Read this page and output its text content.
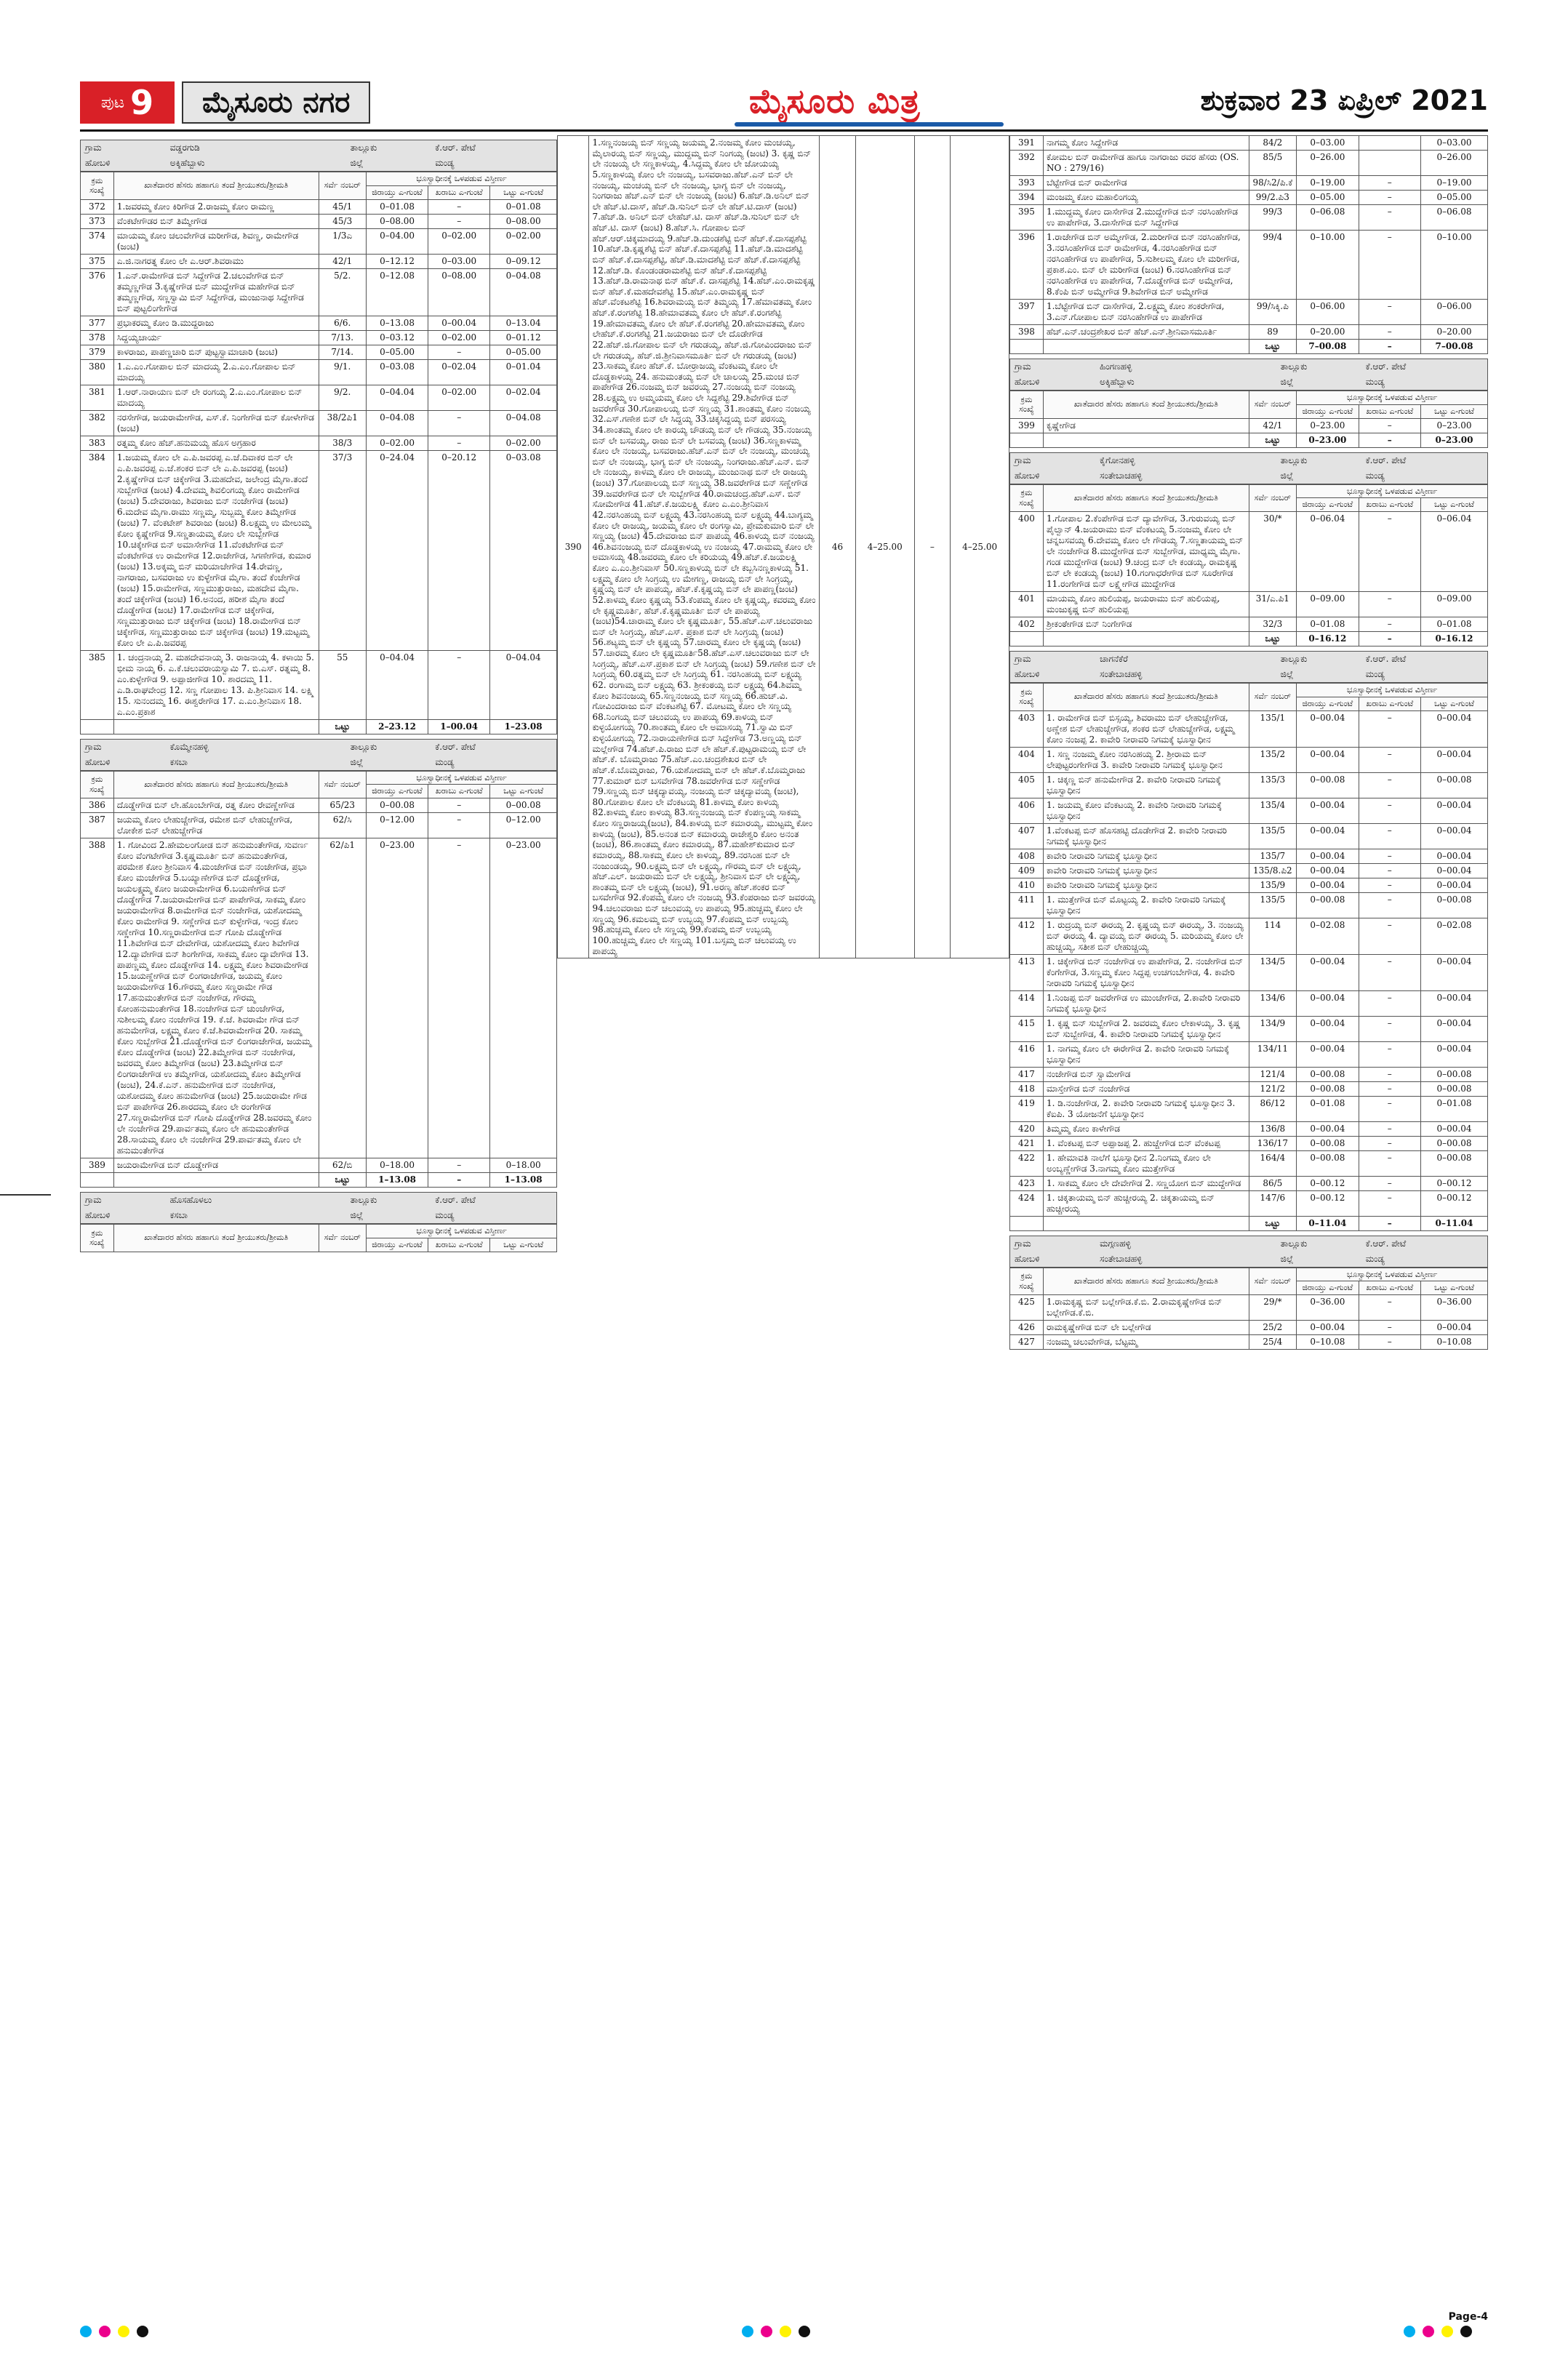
ಪುಟ 9	ಮೈಸೂರು ನಗರ	ಮೈಸೂರು ಮಿತ್ರ	ಶುಕ್ರವಾರ 23 ಏಪ್ರಿಲ್ 2021
ಗ್ರಾಮ	ವಡ್ಡರಗುಡಿ	ತಾಲ್ಲೂಕು	ಕೆ.ಆರ್. ಪೇಟೆ
ಹೋಬಳಿ	ಅಕ್ಕಿಹೆಬ್ಬಾಳು	ಜಿಲ್ಲೆ	ಮಂಡ್ಯ
ಕ್ರಮ ಸಂಖ್ಯೆ	ಖಾತೆದಾರರ ಹೆಸರು ಹಹಾಗೂ ತಂದೆ ಶ್ರೀಯುತರು/ಶ್ರೀಮತಿ	ಸರ್ವೆ ನಂಬರ್	ಭೂಸ್ವಾಧೀನಕ್ಕೆ ಒಳಪಡುವ ವಿಸ್ತೀರ್ಣ		
			ಜಿರಾಯ್ತು ಎ-ಗುಂಟೆ	ಖರಾಬು ಎ-ಗುಂಟೆ	ಒಟ್ಟು ಎ-ಗುಂಟೆ
372	1.ಜವರಮ್ಮ ಕೋಂ ಕಿರಿಗೌಡ 2.ರಾಜಮ್ಮ ಕೋಂ ರಾಮಣ್ಣ	45/1	0–01.08	–	0–01.08
373	ವೆಂಕಟೇಗೌಡರ ಬಿನ್ ತಿಮ್ಮೇಗೌಡ	45/3	0–08.00	–	0–08.00
374	ಮಾಯಮ್ಮ ಕೋಂ ಚಲುವೇಗೌಡ ಮರೀಗೌಡ, ಶಿವಣ್ಣ, ರಾಮೇಗೌಡ (ಜಂಟಿ)	1/3ಎ	0–04.00	0–02.00	0–02.00
375	ಎ.ಜಿ.ನಾಗರತ್ನ ಕೋಂ ಲೇ ಎ.ಆರ್.ಶಿವರಾಮು	42/1	0–12.12	0–03.00	0–09.12
376	1.ಎನ್.ರಾಮೇಗೌಡ ಬಿನ್ ಸಿದ್ದೇಗೌಡ 2.ಚಲುವೇಗೌಡ ಬಿನ್ ತಮ್ಮಣ್ಣಗೌಡ 3.ಕೃಷ್ಣೇಗೌಡ ಬಿನ್ ಮುದ್ದೇಗೌಡ ಮಹೇಗೌಡ ಬಿನ್ ತಮ್ಮಣ್ಣಗೌಡ, ಸಣ್ಣಸ್ವಾಮಿ ಬಿನ್ ಸಿದ್ದೇಗೌಡ, ಮಂಜುನಾಥ ಸಿದ್ದೇಗೌಡ ಬಿನ್ ಪುಟ್ಟಲಿಂಗೇಗೌಡ	5/2.	0–12.08	0–08.00	0–04.08
377	ಪ್ರಭಾಕರಮ್ಮ ಕೋಂ ಡಿ.ಮುದ್ದರಾಜು	6/6.	0–13.08	0–00.04	0–13.04
378	ಸಿದ್ದಯ್ಯಚಾರ್ಯ	7/13.	0–03.12	0–02.00	0–01.12
379	ಕಾಳರಾಜು, ಪಾಪಣ್ಣಚಾರಿ ಬಿನ್ ಪುಟ್ಟಸ್ವಾಮಾಚಾರಿ (ಜಂಟಿ)	7/14.	0–05.00	–	0–05.00
380	1.ಎ.ಎಂ.ಗೋಪಾಲ ಬಿನ್ ಮಾದಯ್ಯ 2.ಎ.ಎಂ.ಗೋಪಾಲ ಬಿನ್ ಮಾದಯ್ಯ	9/1.	0–03.08	0–02.04	0–01.04
381	1.ಆರ್.ನಾರಾಯಣ ಬಿನ್ ಲೇ ರಂಗಯ್ಯ 2.ಎ.ಎಂ.ಗೋಪಾಲ ಬಿನ್ ಮಾದಯ್ಯ	9/2.	0–04.04	0–02.00	0–02.04
382	ನರಸೇಗೌಡ, ಜಯರಾಮೇಗೌಡ, ಎಸ್.ಕೆ. ನಿಂಗೇಗೌಡ ಬಿನ್ ಕೋಳೇಗೌಡ (ಜಂಟಿ)	38/2ಪಿ1	0–04.08	–	0–04.08
383	ರತ್ನಮ್ಮ ಕೋಂ ಹೆಚ್.ಹನುಮಯ್ಯ ಹೊಸ ಅಗ್ರಹಾರ	38/3	0–02.00	–	0–02.00
384	1.ಜಯಮ್ಮ ಕೋಂ ಲೇ ಎ.ಪಿ.ಜವರಪ್ಪ ಎ.ಜೆ.ದಿವಾಕರ ಬಿನ್ ಲೇ ಎ.ಪಿ.ಜವರಪ್ಪ ಎ.ಜೆ.ಶಂಕರ ಬಿನ್ ಲೇ ಎ.ಪಿ.ಜವರಪ್ಪ (ಜಂಟಿ) 2.ಕೃಷ್ಣೇಗೌಡ ಬಿನ್ ಚಿಕ್ಕೇಗೌಡ 3.ಮಹದೇವ, ಜಲೇಂದ್ರ ಮೈಗಾ.ತಂದೆ ಸುಬ್ಬೇಗೌಡ (ಜಂಟಿ) 4.ದೇವಮ್ಮ ಶಿವಲಿಂಗಯ್ಯ ಕೋಂ ರಾಮೇಗೌಡ (ಜಂಟಿ) 5.ದೇವರಾಜು, ಶಿವರಾಜು ಬಿನ್ ನಂಜೇಗೌಡ (ಜಂಟಿ) 6.ಮದೇವ ಮೈಗಾ.ರಾಮು ಸಣ್ಣಮ್ಮ, ಸುಬ್ಬಮ್ಮ ಕೋಂ ತಿಮ್ಮೇಗೌಡ (ಜಂಟಿ) 7. ವೆಂಕಟೇಶ್ ಶಿವರಾಜು (ಜಂಟಿ) 8.ಲಕ್ಷ್ಮಮ್ಮ ಉ ಮೇಲುಮ್ಮ ಕೋಂ ಕೃಷ್ಣೇಗೌಡ 9.ಸಣ್ಣತಾಯಮ್ಮ ಕೋಂ ಲೇ ಸುಬ್ಬೇಗೌಡ 10.ಚಿಕ್ಕೇಗೌಡ ಬಿನ್ ಅಮಾಸೇಗೌಡ 11.ವೆಂಕಟೇಗೌಡ ಬಿನ್ ವೆಂಕಟೇಗೌಡ ಉ ರಾಮೇಗೌಡ 12.ರಾಜೇಗೌಡ, ಸಿಗಣೇಗೌಡ, ಕುಮಾರ (ಜಂಟಿ) 13.ಅಕ್ಕಮ್ಮ ಬಿನ್ ಮರಿಯಾಚೇಗೌಡ 14.ರೇವಣ್ಣ, ನಾಗರಾಜು, ಬಸವರಾಜು ಉ ಕುಳ್ಳೇಗೌಡ ಮೈಗಾ. ತಂದೆ ಕೆಂಚೇಗೌಡ (ಜಂಟಿ) 15.ರಾಮೇಗೌಡ, ಸಣ್ಣಮುತ್ತುರಾಜು, ಮಹದೇವ ಮೈಗಾ. ತಂದೆ ಚಿಕ್ಕೇಗೌಡ (ಜಂಟಿ) 16.ಅನಂದ, ಹರೀಶ ಮೈಗಾ ತಂದೆ ದೊಡ್ಡೇಗೌಡ (ಜಂಟಿ) 17.ರಾಮೇಗೌಡ ಬಿನ್ ಚಿಕ್ಕೇಗೌಡ, ಸಣ್ಣಮುತ್ತುರಾಜು ಬಿನ್ ಚಿಕ್ಕೇಗೌಡ (ಜಂಟಿ) 18.ರಾಮೇಗೌಡ ಬಿನ್ ಚಿಕ್ಕೇಗೌಡ, ಸಣ್ಣಮುತ್ತುರಾಜು ಬಿನ್ ಚಿಕ್ಕೇಗೌಡ (ಜಂಟಿ) 19.ಮಟ್ಟಮ್ಮ ಕೋಂ ಲೇ ಎ.ಪಿ.ಜವರಪ್ಪ	37/3	0–24.04	0–20.12	0–03.08
385	1. ಚಂದ್ರನಾಯ್ಕ 2. ಮಹದೇವನಾಯ್ಕ 3. ರಾಜನಾಯ್ಕ 4. ಕಳಾಯಿ 5. ಭೀಮ ನಾಯ್ಕ 6. ಎ.ಕೆ.ಚಲುವರಾಯಸ್ವಾಮಿ 7. ಬಿ.ಎಸ್. ರತ್ನಮ್ಮ 8. ಎಂ.ಕುಳ್ಳೇಗೌಡ 9. ಅಪ್ಪಾಜೀಗೌಡ 10. ಶಾರದಮ್ಮ 11. ಎ.ಡಿ.ರಾಘವೇಂದ್ರ 12. ಸಣ್ಣ ಗೋಪಾಲ 13. ಪಿ.ಶ್ರೀನಿವಾಸ 14. ಲಕ್ಷ್ಮಿ 15. ಸುನಂದಮ್ಮ 16. ಈಶ್ವರೇಗೌಡ 17. ಎ.ಎಂ.ಶ್ರೀನಿವಾಸ 18. ಎ.ಎಂ.ಪ್ರಕಾಶ	55	0–04.04	–	0–04.04
		ಒಟ್ಟು	2–23.12	1–00.04	1–23.08
ಗ್ರಾಮ	ಕೊಮ್ಮೇನಹಳ್ಳಿ	ತಾಲ್ಲೂಕು	ಕೆ.ಆರ್. ಪೇಟೆ
ಹೋಬಳಿ	ಕಸಬಾ	ಜಿಲ್ಲೆ	ಮಂಡ್ಯ
ಕ್ರಮ ಸಂಖ್ಯೆ	ಖಾತೆದಾರರ ಹೆಸರು ಹಹಾಗೂ ತಂದೆ ಶ್ರೀಯುತರು/ಶ್ರೀಮತಿ	ಸರ್ವೆ ನಂಬರ್	ಭೂಸ್ವಾಧೀನಕ್ಕೆ ಒಳಪಡುವ ವಿಸ್ತೀರ್ಣ		
			ಜಿರಾಯ್ತು ಎ-ಗುಂಟೆ	ಖರಾಬು ಎ-ಗುಂಟೆ	ಒಟ್ಟು ಎ-ಗುಂಟೆ
386	ದೊಡ್ಡೇಗೌಡ ಬಿನ್ ಲೇ.ಹೊಂಬೇಗೌಡ, ರತ್ನ ಕೋಂ ರೇವಣ್ಣೇಗೌಡ	65/23	0–00.08	–	0–00.08
387	ಜಯಮ್ಮ ಕೋಂ ಲೇಹುಚ್ಚೇಗೌಡ, ರಮೇಶ ಬಿನ್ ಲೇಹುಚ್ಚೇಗೌಡ, ಲೋಕೇಶ ಬಿನ್ ಲೇಹುಚ್ಚೇಗೌಡ	62/ಸಿ	0–12.00	–	0–12.00
388	1. ಗೋವಿಂದ 2.ಹೇಮಲಂಗೋಡ ಬಿನ್ ಹನುಮಂತೇಗೌಡ, ಸುವರ್ಣ ಕೋಂ ವೆಂಗಟೇಗೌಡ 3.ಕೃಷ್ಣಮೂರ್ತಿ ಬಿನ್ ಹನುಮಂತೇಗೌಡ, ಪರಮೇಶ ಕೋಂ ಶ್ರೀನಿವಾಸ 4.ಮಂಜೇಗೌಡ ಬಿನ್ ನಂಜೇಗೌಡ, ಪ್ರಭಾ ಕೋಂ ಮಂಜೇಗೌಡ 5.ಬಯ್ಯಾಣೇಗೌಡ ಬಿನ್ ದೊಡ್ಡೇಗೌಡ, ಜಯಲಕ್ಷ್ಮಮ್ಮ ಕೋಂ ಜಯರಾಮೇಗೌಡ 6.ಬಯಣೇಗೌಡ ಬಿನ್ ದೊಡ್ಡೇಗೌಡ 7.ಜಯರಾಮೇಗೌಡ ಬಿನ್ ಪಾಪೇಗೌಡ, ಸಾಕಮ್ಮ ಕೋಂ ಜಯರಾಮೇಗೌಡ 8.ರಾಮೇಗೌಡ ಬಿನ್ ನಂಜೇಗೌಡ, ಯಶೋದಮ್ಮ ಕೋಂ ರಾಮೇಗೌಡ 9. ಸಣ್ಣೇಗೌಡ ಬಿನ್ ಕುಳ್ಳೇಗೌಡ, ಇಂದ್ರ ಕೋಂ ಸಣ್ಣೇಗೌಡ 10.ಸಣ್ಣರಾಮೇಗೌಡ ಬಿನ್ ಗೋಪಿ ದೊಡ್ಡೇಗೌಡ 11.ಶಿವೇಗೌಡ ಬಿನ್ ದೇವೇಗೌಡ, ಯಶೋದಮ್ಮ ಕೋಂ ಶಿವೇಗೌಡ 12.ದ್ಯಾವೇಗೌಡ ಬಿನ್ ಶಿಂಗೇಗೌಡ, ಸಾಕಮ್ಮ ಕೋಂ ದ್ಯಾವೇಗೌಡ 13. ಪಾಪಣ್ಣಮ್ಮ ಕೋಂ ದೊಡ್ಡೇಗೌಡ 14. ಲಕ್ಷ್ಮಮ್ಮ ಕೋಂ ಶಿವರಾಮೇಗೌಡ 15.ಜಯಣ್ಣೇಗೌಡ ಬಿನ್ ಲಿಂಗರಾಜೇಗೌಡ, ಜಯಮ್ಮ ಕೋಂ ಜಯರಾಮೇಗೌಡ 16.ಗೌರಮ್ಮ ಕೋಂ ಸಣ್ಣರಾಮೇ ಗೌಡ 17.ಹನುಮಂತೇಗೌಡ ಬಿನ್ ನಂಜೇಗೌಡ, ಗೌರಮ್ಮ ಕೋಂಹನುಮಂತೇಗೌಡ 18.ನಂಜೇಗೌಡ ಬಿನ್ ಚುಂಚೇಗೌಡ, ಸುಶೀಲಮ್ಮ ಕೋಂ ನಂಜೇಗೌಡ 19. ಕೆ.ಜೆ. ಶಿವರಾಮೇ ಗೌಡ ಬಿನ್ ಹನುಮೇಗೌಡ, ಲಕ್ಷ್ಮಮ್ಮ ಕೋಂ ಕೆ.ಜೆ.ಶಿವರಾಮೇಗೌಡ 20. ಸಾಕಮ್ಮ ಕೋಂ ಸುಬ್ಬೇಗೌಡ 21.ದೊಡ್ಡೇಗೌಡ ಬಿನ್ ಲಿಂಗರಾಜೇಗೌಡ, ಜಯಮ್ಮ ಕೋಂ ದೊಡ್ಡೇಗೌಡ (ಜಂಟಿ) 22.ತಿಮ್ಮೇಗೌಡ ಬಿನ್ ನಂಜೇಗೌಡ, ಜವರಮ್ಮ ಕೋಂ ತಿಮ್ಮೇಗೌಡ (ಜಂಟಿ) 23.ತಿಮ್ಮೇಗೌಡ ಬಿನ್ ಲಿಂಗರಾಜೇಗೌಡ ಉ ತಮ್ಮೇಗೌಡ, ಯಶೋದಮ್ಮ ಕೋಂ ತಿಮ್ಮೇಗೌಡ (ಜಂಟಿ), 24.ಕೆ.ಎನ್. ಹನುಮೇಗೌಡ ಬಿನ್ ನಂಜೇಗೌಡ, ಯಶೋದಮ್ಮ ಕೋಂ ಹನುಮೇಗೌಡ (ಜಂಟಿ) 25.ಜಯರಾಮೇ ಗೌಡ ಬಿನ್ ಪಾಪೇಗೌಡ 26.ಶಾರದಮ್ಮ ಕೋಂ ಲೇ ರಂಗೇಗೌಡ 27.ಸಣ್ಣರಾಮೇಗೌಡ ಬಿನ್ ಗೋಪಿ ದೊಡ್ಡೇಗೌಡ 28.ಜವರಮ್ಮ ಕೋಂ ಲೇ ನಂಜೇಗೌಡ 29.ಪಾರ್ವತಮ್ಮ ಕೋಂ ಲೇ ಹನುಮಂತೇಗೌಡ 28.ಸಾಯಮ್ಮ ಕೋಂ ಲೇ ನಂಜೇಗೌಡ 29.ಪಾರ್ವತಮ್ಮ ಕೋಂ ಲೇ ಹನುಮಂತೇಗೌಡ	62/ಪಿ1	0–23.00	–	0–23.00
389	ಜಯರಾಮೇಗೌಡ ಬಿನ್ ದೊಡ್ಡೇಗೌಡ	62/ಬಿ	0–18.00	–	0–18.00
		ಒಟ್ಟು	1–13.08	–	1–13.08
ಗ್ರಾಮ	ಹೊಸಹೊಳಲು	ತಾಲ್ಲೂಕು	ಕೆ.ಆರ್. ಪೇಟೆ
ಹೋಬಳಿ	ಕಸಬಾ	ಜಿಲ್ಲೆ	ಮಂಡ್ಯ
ಕ್ರಮ ಸಂಖ್ಯೆ	ಖಾತೆದಾರರ ಹೆಸರು ಹಹಾಗೂ ತಂದೆ ಶ್ರೀಯುತರು/ಶ್ರೀಮತಿ	ಸರ್ವೆ ನಂಬರ್	ಭೂಸ್ವಾಧೀನಕ್ಕೆ ಒಳಪಡುವ ವಿಸ್ತೀರ್ಣ		
			ಜಿರಾಯ್ತು ಎ-ಗುಂಟೆ	ಖರಾಬು ಎ-ಗುಂಟೆ	ಒಟ್ಟು ಎ-ಗುಂಟೆ
390	1.ಸಣ್ಣನಂಜಯ್ಯ ಬಿನ್ ಸಣ್ಣಯ್ಯ ಜಯಮ್ಮ 2.ನಂಜಮ್ಮ ಕೋಂ ಮಂಚಯ್ಯ, ಮೈಲಾರಯ್ಯ ಬಿನ್ ಸಣ್ಣಯ್ಯ, ಮುದ್ದಮ್ಮ ಬಿನ್ ನಿಂಗಯ್ಯ (ಜಂಟಿ) 3. ಕೃಷ್ಣ ಬಿನ್ ಲೇ ನಂಜಯ್ಯ ಲೇ ಸಣ್ಣಕಾಳಯ್ಯ, 4.ಸಿದ್ದಮ್ಮ ಕೋಂ ಲೇ ಜೋಯಯ್ಯ 5.ಸಣ್ಣಕಾಳಯ್ಯ ಕೋಂ ಲೇ ನಂಜಯ್ಯ, ಬಸವರಾಜು.ಹೆಚ್.ಎನ್ ಬಿನ್ ಲೇ ನಂಜಯ್ಯ, ಮಂಚಯ್ಯ ಬಿನ್ ಲೇ ನಂಜಯ್ಯ, ಭಾಗ್ಯ ಬಿನ್ ಲೇ ನಂಜಯ್ಯ, ನಿಂಗರಾಜು ಹೆಚ್.ಎನ್ ಬಿನ್ ಲೇ ನಂಜಯ್ಯ (ಜಂಟಿ) 6.ಹೆಚ್.ಡಿ.ಅನಿಲ್ ಬಿನ್ ಲೇ ಹೆಚ್.ಟಿ.ದಾಸ್, ಹೆಚ್.ಡಿ.ಸುನಿಲ್ ಬಿನ್ ಲೇ ಹೆಚ್.ಟಿ.ದಾಸ್ (ಜಂಟಿ) 7.ಹೆಚ್.ಡಿ. ಅನಿಲ್ ಬಿನ್ ಲೇಹೆಚ್.ಟಿ. ದಾಸ್ ಹೆಚ್.ಡಿ.ಸುನಿಲ್ ಬಿನ್ ಲೇ ಹೆಚ್.ಟಿ. ದಾಸ್ (ಜಂಟಿ) 8.ಹೆಚ್.ಸಿ. ಗೋಪಾಲ ಬಿನ್ ಹೆಚ್.ಆರ್.ಚಿಕ್ಕಮಾದಯ್ಯ 9.ಹೆಚ್.ಡಿ.ದುಂಡಶೆಟ್ಟಿ ಬಿನ್ ಹೆಚ್.ಕೆ.ದಾಸಪ್ಪಶೆಟ್ಟಿ 10.ಹೆಚ್.ಡಿ.ಕೃಷ್ಣಶೆಟ್ಟಿ ಬಿನ್ ಹೆಚ್.ಕೆ.ದಾಸಪ್ಪಶೆಟ್ಟಿ 11.ಹೆಚ್.ಡಿ.ಮಾದಶೆಟ್ಟಿ ಬಿನ್ ಹೆಚ್.ಕೆ.ದಾಸಪ್ಪಶೆಟ್ಟಿ, ಹೆಚ್.ಡಿ.ಮಾದಶೆಟ್ಟಿ ಬಿನ್ ಹೆಚ್.ಕೆ.ದಾಸಪ್ಪಶೆಟ್ಟಿ 12.ಹೆಚ್.ಡಿ. ಕೊಂಡಂಡರಾಮಶೆಟ್ಟಿ ಬಿನ್ ಹೆಚ್.ಕೆ.ದಾಸಪ್ಪಶೆಟ್ಟಿ 13.ಹೆಚ್.ಡಿ.ರಾಮನಾಥ ಬಿನ್ ಹೆಚ್.ಕೆ. ದಾಸಪ್ಪಶೆಟ್ಟಿ 14.ಹೆಚ್.ಎಂ.ರಾಮಕೃಷ್ಣ ಬಿನ್ ಹೆಚ್.ಕೆ.ಮಹದೇವಶೆಟ್ಟಿ 15.ಹೆಚ್.ಎಂ.ರಾಮಕೃಷ್ಣ ಬಿನ್ ಹೆಚ್.ವೆಂಕಟಶೆಟ್ಟಿ 16.ಶಿವರಾಮಯ್ಯ ಬಿನ್ ತಿಮ್ಮಯ್ಯ 17.ಹೆಮಾವತಮ್ಮ ಕೋಂ ಹೆಚ್.ಕೆ.ರಂಗಶೆಟ್ಟಿ 18.ಹೇಮಾವತಮ್ಮ ಕೋಂ ಲೇ ಹೆಚ್.ಕೆ.ರಂಗಶೆಟ್ಟಿ 19.ಹೇಮಾವತಮ್ಮ ಕೋಂ ಲೇ ಹೆಚ್.ಕೆ.ರಂಗಶೆಟ್ಟಿ 20.ಹೇಮಾವತಮ್ಮ ಕೋಂ ಲೇಹೆಚ್.ಕೆ.ರಂಗಶೆಟ್ಟಿ 21.ಜಯರಾಜು ಬಿನ್ ಲೇ ದೊಡೇಗೌಡ 22.ಹೆಚ್.ಜಿ.ಗೋಪಾಲ ಬಿನ್ ಲೇ ಗರುಡಯ್ಯ, ಹೆಚ್.ಜಿ.ಗೋವಿಂದರಾಜು ಬಿನ್ ಲೇ ಗರುಡಯ್ಯ, ಹೆಚ್.ಜಿ.ಶ್ರೀನಿವಾಸಮೂರ್ತಿ ಬಿನ್ ಲೇ ಗರುಡಯ್ಯ (ಜಂಟಿ) 23.ಸಾಕಮ್ಮ ಕೋಂ ಹೆಚ್.ಕೆ. ಬೋರ್ರಾಜಯ್ಯ ವೆಂಕಟಮ್ಮ ಕೋಂ ಲೇ ದೊಡ್ಡಕಾಳಯ್ಯ 24. ಹನುಮಂತಯ್ಯ ಬಿನ್ ಲೇ ಚಾಲಯ್ಯ 25.ಮಂಚ ಬಿನ್ ಪಾಪೇಗೌಡ 26.ನಂಜಮ್ಮ ಬಿನ್ ಜವರಯ್ಯ 27.ನಂಜಯ್ಯ ಬಿನ್ ನಂಜಯ್ಯ 28.ಲಕ್ಷ್ಮಮ್ಮ ಉ ಅಮ್ಮಯಮ್ಮ ಕೋಂ ಲೇ ಸಿದ್ದಶೆಟ್ಟಿ 29.ಶಿವೇಗೌಡ ಬಿನ್ ಜವರೇಗೌಡ 30.ಗೋಪಾಲಯ್ಯ ಬಿನ್ ಸಣ್ಣಯ್ಯ 31.ಶಾಂತಮ್ಮ ಕೋಂ ನಂಜಯ್ಯ 32.ಎಸ್.ಗಣೇಶ ಬಿನ್ ಲೇ ಸಿದ್ದಯ್ಯ 33.ಚಿಕ್ಕಸಿದ್ದಯ್ಯ ಬಿನ್ ಪರಸಯ್ಯ 34.ಶಾಂತಮ್ಮ ಕೋಂ ಲೇ ಕಾರಯ್ಯ ಚೌಡಯ್ಯ ಬಿನ್ ಲೇ ಗೌಡಯ್ಯ 35.ನಂಜಯ್ಯ ಬಿನ್ ಲೇ ಬಸವಯ್ಯ, ರಾಜು ಬಿನ್ ಲೇ ಬಸವಯ್ಯ (ಜಂಟಿ) 36.ಸಣ್ಣಕಾಳಮ್ಮ ಕೋಂ ಲೇ ನಂಜಯ್ಯ, ಬಸವರಾಜು.ಹೆಚ್.ಎನ್ ಬಿನ್ ಲೇ ನಂಜಯ್ಯ, ಮಂಚಯ್ಯ ಬಿನ್ ಲೇ ನಂಜಯ್ಯ, ಭಾಗ್ಯ ಬಿನ್ ಲೇ ನಂಜಯ್ಯ, ನಿಂಗರಾಜು.ಹೆಚ್.ಎನ್. ಬಿನ್ ಲೇ ನಂಜಯ್ಯ, ಕಾಳಮ್ಮ ಕೋಂ ಲೇ ರಾಜಯ್ಯ, ಮಂಜುನಾಥ ಬಿನ್ ಲೇ ರಾಜಯ್ಯ (ಜಂಟಿ) 37.ಗೋಪಾಲಯ್ಯ ಬಿನ್ ಸಣ್ಣಯ್ಯ 38.ಜವರೇಗೌಡ ಬಿನ್ ಸಣ್ಣೇಗೌಡ 39.ಜವರೇಗೌಡ ಬಿನ್ ಲೇ ಸುಬ್ಬೇಗೌಡ 40.ರಾಮಚಂದ್ರ.ಹೆಚ್.ಎಸ್. ಬಿನ್ ಸೋಮೇಗೌಡ 41.ಹೆಚ್.ಕೆ.ಜಯಲಕ್ಷ್ಮಿ ಕೋಂ ಎ.ಎಂ.ಶ್ರೀನಿವಾಸ 42.ನರಸಿಂಹಯ್ಯ ಬಿನ್ ಲಕ್ಷ್ಮಯ್ಯ 43.ನರಸಿಂಹಯ್ಯ ಬಿನ್ ಲಕ್ಷ್ಮಯ್ಯ 44.ಬಾಗ್ಯಮ್ಮ ಕೋಂ ಲೇ ರಾಜಯ್ಯ, ಜಯಮ್ಮ ಕೋಂ ಲೇ ರಂಗಸ್ವಾಮಿ, ಪ್ರೇಮಕುಮಾರಿ ಬಿನ್ ಲೇ ಸಣ್ಣಯ್ಯ (ಜಂಟಿ) 45.ದೇವರಾಜು ಬಿನ್ ಪಾಪಯ್ಯ 46.ಕಾಳಯ್ಯ ಬಿನ್ ನಂಜಯ್ಯ 46.ಶಿವನಂಜಯ್ಯ ಬಿನ್ ದೊಡ್ಡಕಾಳಯ್ಯ ಉ ನಂಜಯ್ಯ 47.ರಾಮಮ್ಮ ಕೋಂ ಲೇ ಅಮಾಸಯ್ಯ 48.ಜವರಮ್ಮ ಕೋಂ ಲೇ ಕರಿಯಯ್ಯ 49.ಹೆಚ್.ಕೆ.ಜಯಲಕ್ಷ್ಮಿ ಕೋಂ ಎ.ಎಂ.ಶ್ರೀನಿವಾಸ್ 50.ಸಣ್ಣಕಾಳಯ್ಯ ಬಿನ್ ಲೇ ಕಬ್ಬಸಿನಣ್ಣಕಾಳಯ್ಯ 51. ಲಕ್ಷ್ಮಮ್ಮ ಕೋಂ ಲೇ ಸಿಂಗ್ರಯ್ಯ ಉ ಮೇಗಣ್ಣ, ರಾಜಯ್ಯ ಬಿನ್ ಲೇ ಸಿಂಗ್ರಯ್ಯ, ಕೃಷ್ಣಯ್ಯ ಬಿನ್ ಲೇ ಪಾಪಯ್ಯ, ಹೆಚ್.ಕೆ.ಕೃಷ್ಣಯ್ಯ ಬಿನ್ ಲೇ ಪಾಪಣ್ಣ(ಜಂಟಿ) 52.ಕಾಳಮ್ಮ ಕೋಂ ಕೃಷ್ಣಯ್ಯ 53.ಕೆಂಪಮ್ಮ ಕೋಂ ಲೇ ಕೃಷ್ಣಯ್ಯ, ಕವರಮ್ಮ ಕೋಂ ಲೇ ಕೃಷ್ಣಮೂರ್ತಿ, ಹೆಚ್.ಕೆ.ಕೃಷ್ಣಮೂರ್ತಿ ಬಿನ್ ಲೇ ಪಾಪಯ್ಯ (ಜಂಟಿ)54.ಚಾರಾಮ್ಮ ಕೋಂ ಲೇ ಕೃಷ್ಣಮೂರ್ತಿ, 55.ಹೆಚ್.ಎಸ್.ಚಲುವರಾಜು ಬಿನ್ ಲೇ ಸಿಂಗ್ರಯ್ಯ, ಹೆಚ್.ಎಸ್. ಪ್ರಕಾಶ ಬಿನ್ ಲೇ ಸಿಂಗ್ರಯ್ಯ (ಜಂಟಿ) 56.ಶಟ್ಯಮ್ಮ ಬಿನ್ ಲೇ ಕೃಷ್ಣಯ್ಯ 57.ಚಾರಮ್ಮ ಕೋಂ ಲೇ ಕೃಷ್ಣಯ್ಯ (ಜಂಟಿ) 57.ಚಾರಮ್ಮ ಕೋಂ ಲೇ ಕೃಷ್ಣಮೂರ್ತಿ58.ಹೆಚ್.ಎಸ್.ಚಲುವರಾಜು ಬಿನ್ ಲೇ ಸಿಂಗ್ರಯ್ಯ, ಹೆಚ್.ಎಸ್.ಪ್ರಕಾಶ ಬಿನ್ ಲೇ ಸಿಂಗ್ರಯ್ಯ (ಜಂಟಿ) 59.ಗಣೇಶ ಬಿನ್ ಲೇ ಸಿಂಗ್ರಯ್ಯ 60.ರತ್ನಮ್ಮ ಬಿನ್ ಲೇ ಸಿಂಗ್ರಯ್ಯ 61. ನರಸಿಂಹಯ್ಯ ಬಿನ್ ಲಕ್ಷ್ಮಯ್ಯ 62. ರಂಗಾಮ್ಮ ಬಿನ್ ಲಕ್ಷ್ಮಯ್ಯ 63. ಶ್ರೀಕಂಠಯ್ಯ ಬಿನ್ ಲಕ್ಷ್ಮಯ್ಯ 64.ಶಿವಮ್ಮ ಕೋಂ ಶಿವನಂಜಯ್ಯ 65.ಸಣ್ಣನಂಜಯ್ಯ ಬಿನ್ ಸಣ್ಣಯ್ಯ 66.ಹುಚ್.ವಿ. ಗೋವಿಂದರಾಜು ಬಿನ್ ವೆಂಕಟಶೆಟ್ಟಿ 67. ಮೋಟಮ್ಮ ಕೋಂ ಲೇ ಸಣ್ಣಯ್ಯ 68.ನಿಂಗಯ್ಯ ಬಿನ್ ಚಲುವಯ್ಯ ಉ ಪಾಪಯ್ಯ 69.ಕಾಳಯ್ಯ ಬಿನ್ ಕುಳ್ಳಯೋಗಯ್ಯ 70.ಶಾಂತಮ್ಮ ಕೋಂ ಲೇ ಅಮಾಸಯ್ಯ 71.ಸ್ವಾಮಿ ಬಿನ್ ಕುಳ್ಳಯೋಗಯ್ಯ 72.ನಾರಾಯಣೇಗೌಡ ಬಿನ್ ಸಿದ್ದೇಗೌಡ 73.ಅಣ್ಣಯ್ಯ ಬಿನ್ ಮಲ್ಲೇಗೌಡ 74.ಹೆಚ್.ಪಿ.ರಾಜು ಬಿನ್ ಲೇ ಹೆಚ್.ಕೆ.ಪುಟ್ಟರಾಮಯ್ಯ ಬಿನ್ ಲೇ ಹೆಚ್.ಕೆ. ಬೊಮ್ಮರಾಜು 75.ಹೆಚ್.ಎಂ.ಚಂದ್ರಶೇಖರ ಬಿನ್ ಲೇ ಹೆಚ್.ಕೆ.ಬೊಮ್ಮರಾಜು, 76.ಯಶೋದಮ್ಮ ಬಿನ್ ಲೇ ಹೆಚ್.ಕೆ.ಬೊಮ್ಮರಾಜು 77.ಕುಮಾರ್ ಬಿನ್ ಬಸವೇಗೌಡ 78.ಜವರೇಗೌಡ ಬಿನ್ ಸಣ್ಣೇಗೌಡ 79.ಸಣ್ಣಯ್ಯ ಬಿನ್ ಚಿಕ್ಕದ್ಯಾವಯ್ಯ, ನಂಜಯ್ಯ ಬಿನ್ ಚಿಕ್ಕದ್ಯಾವಯ್ಯ (ಜಂಟಿ), 80.ಗೋಪಾಲ ಕೋಂ ಲೇ ವೆಂಕಟಯ್ಯ 81.ಕಾಳಮ್ಮ ಕೋಂ ಕಾಳಯ್ಯ 82.ಕಾಳಮ್ಮ ಕೋಂ ಕಾಳಯ್ಯ 83.ಸಣ್ಣನಂಜಯ್ಯ ಬಿನ್ ಕೆಂಪಣ್ಣಯ್ಯ ಸಾಕಮ್ಮ ಕೋಂ ಸಣ್ಣರಾಜಯ್ಯ(ಜಂಟಿ), 84.ಕಾಳಯ್ಯ ಬಿನ್ ಕಮಾರಯ್ಯ, ಮುಟ್ಟಮ್ಮ ಕೋಂ ಕಾಳಯ್ಯ (ಜಂಟಿ), 85.ಅನಂತ ಬಿನ್ ಕಮಾರಯ್ಯ ರಾಜೇಶ್ವರಿ ಕೋಂ ಅನಂತ (ಜಂಟಿ), 86.ಶಾಂತಮ್ಮ ಕೋಂ ಕಮಾರಯ್ಯ, 87.ಮಹೇಶ್‌ಕುಮಾರ ಬಿನ್ ಕಮಾರಯ್ಯ, 88.ಸಾಕಮ್ಮ ಕೋಂ ಲೇ ಕಾಳಯ್ಯ, 89.ನರಸಿಂಹ ಬಿನ್ ಲೇ ನಂಜುಂಡಯ್ಯ, 90.ಲಕ್ಷ್ಮಮ್ಮ ಬಿನ್ ಲೇ ಲಕ್ಷ್ಮಯ್ಯ, ಗೌರಮ್ಮ ಬಿನ್ ಲೇ ಲಕ್ಷ್ಮಯ್ಯ, ಹೆಚ್.ಎಲ್. ಜಯರಾಮು ಬಿನ್ ಲೇ ಲಕ್ಷ್ಮಯ್ಯ, ಶ್ರೀನಿವಾಸ ಬಿನ್ ಲೇ ಲಕ್ಷ್ಮಯ್ಯ, ಶಾಂತಮ್ಮ ಬಿನ್ ಲೇ ಲಕ್ಷ್ಮಯ್ಯ (ಜಂಟಿ), 91.ಅರಣ್ಯ ಹೆಚ್.ಶಂಕರ ಬಿನ್ ಬಸವೇಗೌಡ 92.ಕೆಂಪಮ್ಮ ಕೋಂ ಲೇ ನಂಜಯ್ಯ 93.ಕೆಂಪರಾಜು ಬಿನ್ ಜವರಯ್ಯ 94.ಚಲುವರಾಜು ಬಿನ್ ಚಲುವಯ್ಯ ಉ ಪಾಪಯ್ಯ 95.ಹುಚ್ಚಮ್ಮ ಕೋಂ ಲೇ ಸಣ್ಣಯ್ಯ 96.ಕಮಲಮ್ಮ ಬಿನ್ ಉಬ್ಬಯ್ಯ 97.ಕೆಂಪಮ್ಮ ಬಿನ್ ಉಬ್ಬಯ್ಯ 98.ಹುಚ್ಚಮ್ಮ ಕೋಂ ಲೇ ಸಣ್ಣಯ್ಯ 99.ಕೆಂಪಮ್ಮ ಬಿನ್ ಉಬ್ಬಯ್ಯ 100.ಹುಚ್ಚಮ್ಮ ಕೋಂ ಲೇ ಸಣ್ಣಯ್ಯ 101.ಬಸ್ಸಮ್ಮ ಬಿನ್ ಚಲುವಯ್ಯ ಉ ಪಾಪಯ್ಯ	46	4–25.00	–	4–25.00
391	ನಾಗಮ್ಮ ಕೋಂ ಸಿದ್ದೇಗೌಡ	84/2	0–03.00		0–03.00
392	ಕೋಮಲ ಬಿನ್ ರಾಮೇಗೌಡ ಹಾಗೂ ನಾಗರಾಜು ರವರ ಹೆಸರು (OS. NO : 279/16)	85/5	0–26.00		0–26.00
393	ಬೆಟ್ಟೇಗೌಡ ಬಿನ್ ರಾಮೇಗೌಡ	98/ಸಿ2/ಪಿ.ಕೆ	0–19.00	–	0–19.00
394	ಮಂಜಮ್ಮ ಕೋಂ ಮಹಾಲಿಂಗಯ್ಯ	99/2.ಪಿ3	0–05.00	–	0–05.00
395	1.ಮುದ್ದಮ್ಮ ಕೋಂ ದಾಸೇಗೌಡ 2.ಮುದ್ದೇಗೌಡ ಬಿನ್ ನರಸಿಂಹೇಗೌಡ ಉ ಪಾಪೇಗೌಡ, 3.ದಾಸೇಗೌಡ ಬಿನ್ ಸಿದ್ದೇಗೌಡ	99/3	0–06.08	–	0–06.08
396	1.ರಾಜೇಗೌಡ ಬಿನ್ ಅಮ್ಮೇಗೌಡ, 2.ಮರೀಗೌಡ ಬಿನ್ ನರಸಿಂಹೇಗೌಡ, 3.ನರಸಿಂಹೇಗೌಡ ಬಿನ್ ರಾಮೇಗೌಡ, 4.ನರಸಿಂಹೇಗೌಡ ಬಿನ್ ನರಸಿಂಹೇಗೌಡ ಉ ಪಾಪೇಗೌಡ, 5.ಸುಶೀಲಮ್ಮ ಕೋಂ ಲೇ ಮರೀಗೌಡ, ಪ್ರಕಾಶ.ಎಂ. ಬಿನ್ ಲೇ ಮರೀಗೌಡ (ಜಂಟಿ) 6.ನರಸಿಂಹೇಗೌಡ ಬಿನ್ ನರಸಿಂಹೇಗೌಡ ಉ ಪಾಪೇಗೌಡ, 7.ದೊಡ್ಡೇಗೌಡ ಬಿನ್ ಅಮ್ಮೇಗೌಡ, 8.ಕೆಂಪಿ ಬಿನ್ ಅಮ್ಮೇಗೌಡ 9.ಶಿವೇಗೌಡ ಬಿನ್ ಅಮ್ಮೇಗೌಡ	99/4	0–10.00	–	0–10.00
397	1.ಬೆಟ್ಟೇಗೌಡ ಬಿನ್ ದಾಸೇಗೌಡ, 2.ಲಕ್ಷ್ಮಮ್ಮ ಕೋಂ ಶಂಕರೇಗೌಡ, 3.ಎನ್.ಗೋಪಾಲ ಬಿನ್ ನರಸಿಂಹೇಗೌಡ ಉ ಪಾಪೇಗೌಡ	99/ಸಿಕ್ಕಿ.ಪಿ	0–06.00	–	0–06.00
398	ಹೆಚ್.ಎನ್.ಚಂದ್ರಶೇಖರ ಬಿನ್ ಹೆಚ್.ಎನ್.ಶ್ರೀನಿವಾಸಮೂರ್ತಿ	89	0–20.00	–	0–20.00
		ಒಟ್ಟು	7–00.08	–	7–00.08
ಗ್ರಾಮ	ಹಿಂಗಣಹಳ್ಳಿ	ತಾಲ್ಲೂಕು	ಕೆ.ಆರ್. ಪೇಟೆ
ಹೋಬಳಿ	ಅಕ್ಕಿಹೆಬ್ಬಾಳು	ಜಿಲ್ಲೆ	ಮಂಡ್ಯ
ಕ್ರಮ ಸಂಖ್ಯೆ	ಖಾತೆದಾರರ ಹೆಸರು ಹಹಾಗೂ ತಂದೆ ಶ್ರೀಯುತರು/ಶ್ರೀಮತಿ	ಸರ್ವೆ ನಂಬರ್	ಭೂಸ್ವಾಧೀನಕ್ಕೆ ಒಳಪಡುವ ವಿಸ್ತೀರ್ಣ		
			ಜಿರಾಯ್ತು ಎ-ಗುಂಟೆ	ಖರಾಬು ಎ-ಗುಂಟೆ	ಒಟ್ಟು ಎ-ಗುಂಟೆ
399	ಕೃಷ್ಣೇಗೌಡ	42/1	0–23.00	–	0–23.00
		ಒಟ್ಟು	0–23.00	–	0–23.00
ಗ್ರಾಮ	ಕೈಗೋನಹಳ್ಳಿ	ತಾಲ್ಲೂಕು	ಕೆ.ಆರ್. ಪೇಟೆ
ಹೋಬಳಿ	ಸಂತೇಬಾಚಹಳ್ಳಿ	ಜಿಲ್ಲೆ	ಮಂಡ್ಯ
ಕ್ರಮ ಸಂಖ್ಯೆ	ಖಾತೆದಾರರ ಹೆಸರು ಹಹಾಗೂ ತಂದೆ ಶ್ರೀಯುತರು/ಶ್ರೀಮತಿ	ಸರ್ವೆ ನಂಬರ್	ಭೂಸ್ವಾಧೀನಕ್ಕೆ ಒಳಪಡುವ ವಿಸ್ತೀರ್ಣ		
			ಜಿರಾಯ್ತು ಎ-ಗುಂಟೆ	ಖರಾಬು ಎ-ಗುಂಟೆ	ಒಟ್ಟು ಎ-ಗುಂಟೆ
400	1.ಗೋಪಾಲ 2.ಕೆಂಪೇಗೌಡ ಬಿನ್ ದ್ಯಾವೇಗೌಡ, 3.ಗುರುವಯ್ಯ ಬಿನ್ ಪೈಲ್ವಾನ್ 4.ಜಯರಾಮು ಬಿನ್ ವೆಂಕಟಯ್ಯ 5.ನಂಜಮ್ಮ ಕೋಂ ಲೇ ಚನ್ನಬಸವಯ್ಯ 6.ದೇವಮ್ಮ ಕೋಂ ಲೇ ಗೌಡಯ್ಯ 7.ಸಣ್ಣತಾಯಮ್ಮ ಬಿನ್ ಲೇ ನಂಜೇಗೌಡ 8.ಮುದ್ದೇಗೌಡ ಬಿನ್ ಸುಬ್ಬೇಗೌಡ, ಮಾಧ್ಯಮ್ಮ ಮೈಗಾ. ಗಂಡ ಮುದ್ದೇಗೌಡ (ಜಂಟಿ) 9.ಚಂದ್ರ ಬಿನ್ ಲೇ ಕಂಡಯ್ಯ, ರಾಮಕೃಷ್ಣ ಬಿನ್ ಲೇ ಕಂಡಯ್ಯ (ಜಂಟಿ) 10.ಗಂಗಾಧರೇಗೌಡ ಬಿನ್ ಸೂರೇಗೌಡ 11.ರಂಗೇಗೌಡ ಬಿನ್ ಲಕ್ಷ್ಮೇಗೌಡ ಮುದ್ದೇಗೌಡ	30/*	0–06.04	–	0–06.04
401	ಮಾಯಮ್ಮ ಕೋಂ ಹುಲಿಯಪ್ಪ, ಜಯರಾಮು ಬಿನ್ ಹುಲಿಯಪ್ಪ, ಮಂಜುಕೃಷ್ಣ ಬಿನ್ ಹುಲಿಯಪ್ಪ	31/ಎ.ಪಿ1	0–09.00	–	0–09.00
402	ಶ್ರೀಕಂಠೇಗೌಡ ಬಿನ್ ನಿಂಗೇಗೌಡ	32/3	0–01.08	–	0–01.08
		ಒಟ್ಟು	0–16.12	–	0–16.12
ಗ್ರಾಮ	ಚಾಗನೆಕೆರೆ	ತಾಲ್ಲೂಕು	ಕೆ.ಆರ್. ಪೇಟೆ
ಹೋಬಳಿ	ಸಂತೇಬಾಚಹಳ್ಳಿ	ಜಿಲ್ಲೆ	ಮಂಡ್ಯ
ಕ್ರಮ ಸಂಖ್ಯೆ	ಖಾತೆದಾರರ ಹೆಸರು ಹಹಾಗೂ ತಂದೆ ಶ್ರೀಯುತರು/ಶ್ರೀಮತಿ	ಸರ್ವೆ ನಂಬರ್	ಭೂಸ್ವಾಧೀನಕ್ಕೆ ಒಳಪಡುವ ವಿಸ್ತೀರ್ಣ		
			ಜಿರಾಯ್ತು ಎ-ಗುಂಟೆ	ಖರಾಬು ಎ-ಗುಂಟೆ	ಒಟ್ಟು ಎ-ಗುಂಟೆ
403	1. ರಾಮೇಗೌಡ ಬಿನ್ ಬಿಸ್ಸಯ್ಯ, ಶಿವರಾಮು ಬಿನ್ ಲೇಹುಚ್ಚೇಗೌಡ, ಅಣ್ಣೇಶ ಬಿನ್ ಲೇಹುಚ್ಚೇಗೌಡ, ಶಂಕರ ಬಿನ್ ಲೇಹುಚ್ಚೇಗೌಡ, ಲಕ್ಷ್ಮಮ್ಮ ಕೋಂ ನಂಜಪ್ಪ 2. ಕಾವೇರಿ ನೀರಾವರಿ ನಿಗಮಕ್ಕೆ ಭೂಸ್ವಾಧೀನ	135/1	0–00.04	–	0–00.04
404	1. ಸಣ್ಣ ನಂಜಮ್ಮ ಕೋಂ ನರಸಿಂಹಯ್ಯ 2. ಶ್ರೀರಾಮ ಬಿನ್ ಲೇಪುಟ್ಟರಂಗೇಗೌಡ 3. ಕಾವೇರಿ ನೀರಾವರಿ ನಿಗಮಕ್ಕೆ ಭೂಸ್ವಾಧೀನ	135/2	0–00.04	–	0–00.04
405	1. ಚಿಕ್ಕಣ್ಣ ಬಿನ್ ಹನುಮೇಗೌಡ 2. ಕಾವೇರಿ ನೀರಾವರಿ ನಿಗಮಕ್ಕೆ ಭೂಸ್ವಾಧೀನ	135/3	0–00.08	–	0–00.08
406	1. ಜಯಮ್ಮ ಕೋಂ ವೆಂಕಟಯ್ಯ 2. ಕಾವೇರಿ ನೀರಾವರಿ ನಿಗಮಕ್ಕೆ ಭೂಸ್ವಾಧೀನ	135/4	0–00.04	–	0–00.04
407	1.ವೆಂಕಟಪ್ಪ ಬಿನ್ ಹೊಸಹಟ್ಟಿ ದೊಡೇಗೌಡ 2. ಕಾವೇರಿ ನೀರಾವರಿ ನಿಗಮಕ್ಕೆ ಭೂಸ್ವಾಧೀನ	135/5	0–00.04	–	0–00.04
408	ಕಾವೇರಿ ನೀರಾವರಿ ನಿಗಮಕ್ಕೆ ಭೂಸ್ವಾಧೀನ	135/7	0–00.04	–	0–00.04
409	ಕಾವೇರಿ ನೀರಾವರಿ ನಿಗಮಕ್ಕೆ ಭೂಸ್ವಾಧೀನ	135/8.ಪಿ2	0–00.04	–	0–00.04
410	ಕಾವೇರಿ ನೀರಾವರಿ ನಿಗಮಕ್ಕೆ ಭೂಸ್ವಾಧೀನ	135/9	0–00.04	–	0–00.04
411	1. ಮುತ್ತೇಗೌಡ ಬಿನ್ ಮೊಟ್ಟಯ್ಯ 2. ಕಾವೇರಿ ನೀರಾವರಿ ನಿಗಮಕ್ಕೆ ಭೂಸ್ವಾಧೀನ	135/5	0–00.08	–	0–00.08
412	1. ರುದ್ರಯ್ಯ ಬಿನ್ ಈರಯ್ಯ 2. ಕೃಷ್ಣಯ್ಯ ಬಿನ್ ಈರಯ್ಯ, 3. ನಂಜಯ್ಯ ಬಿನ್ ಈರಯ್ಯ 4. ದ್ಯಾವಯ್ಯ ಬಿನ್ ಈರಯ್ಯ 5. ಮರಿಯಮ್ಮ ಕೋಂ ಲೇ ಹುಚ್ಚಯ್ಯ, ಸತೀಶ ಬಿನ್ ಲೇಹುಚ್ಚಯ್ಯ	114	0–02.08	–	0–02.08
413	1. ಚಿಕ್ಕೇಗೌಡ ಬಿನ್ ನಂಜೇಗೌಡ ಉ ಪಾಪೇಗೌಡ, 2. ನಂಜೇಗೌಡ ಬಿನ್ ಕೆಂಗೇಗೌಡ, 3.ಸಣ್ಣಮ್ಮ ಕೋಂ ಸಿದ್ದಪ್ಪ ಉಚಗಂಬೇಗೌಡ, 4. ಕಾವೇರಿ ನೀರಾವರಿ ನಿಗಮಕ್ಕೆ ಭೂಸ್ವಾಧೀನ	134/5	0–00.04	–	0–00.04
414	1.ನಿಂಜಪ್ಪ ಬಿನ್ ಜವರೇಗೌಡ ಉ ಮುಂಚೇಗೌಡ, 2.ಕಾವೇರಿ ನೀರಾವರಿ ನಿಗಮಕ್ಕೆ ಭೂಸ್ವಾಧೀನ	134/6	0–00.04	–	0–00.04
415	1. ಕೃಷ್ಣ ಬಿನ್ ಸುಬ್ಬೇಗೌಡ 2. ಜವರಮ್ಮ ಕೋಂ ಲೇಕಾಳಯ್ಯ, 3. ಕೃಷ್ಣ ಬಿನ್ ಸುಬ್ಬೇಗೌಡ, 4. ಕಾವೇರಿ ನೀರಾವರಿ ನಿಗಮಕ್ಕೆ ಭೂಸ್ವಾಧೀನ	134/9	0–00.04	–	0–00.04
416	1. ನಾಗಮ್ಮ ಕೋಂ ಲೇ ಈರೇಗೌಡ 2. ಕಾವೇರಿ ನೀರಾವರಿ ನಿಗಮಕ್ಕೆ ಭೂಸ್ವಾಧೀನ	134/11	0–00.04	–	0–00.04
417	ನಂಜೇಗೌಡ ಬಿನ್ ಸ್ವಾಮೇಗೌಡ	121/4	0–00.08	–	0–00.08
418	ಮಾಸ್ತೇಗೌಡ ಬಿನ್ ನಂಜೇಗೌಡ	121/2	0–00.08	–	0–00.08
419	1. ಡಿ.ನಂಜೇಗೌಡ, 2. ಕಾವೇರಿ ನೀರಾವರಿ ನಿಗಮಕ್ಕೆ ಭೂಸ್ವಾಧೀನ 3. ಕೆಐಪಿ. 3 ಯೋಜನೆಗೆ ಭೂಸ್ವಾಧೀನ	86/12	0–01.08	–	0–01.08
420	ತಿಮ್ಮಮ್ಮ ಕೋಂ ಕಾಳೇಗೌಡ	136/8	0–00.04	–	0–00.04
421	1. ವೆಂಕಟಪ್ಪ ಬಿನ್ ಅಪ್ಪಾಜಪ್ಪ 2. ಹುಚ್ಚೇಗೌಡ ಬಿನ್ ವೆಂಕಟಪ್ಪ	136/17	0–00.08	–	0–00.08
422	1. ಹೇಮಾವತಿ ನಾಲೆಗೆ ಭೂಸ್ವಾಧೀನ 2.ನಿಂಗಮ್ಮ ಕೋಂ ಲೇ ಅಂಬ್ಯಣ್ಣೇಗೌಡ 3.ನಾಗಮ್ಮ ಕೋಂ ಮುತ್ತೇಗೌಡ	164/4	0–00.08	–	0–00.08
423	1. ಸಾಕಮ್ಮ ಕೋಂ ಲೇ ದೇವೇಗೌಡ 2. ಸಣ್ಣಯೋಗ ಬಿನ್ ಮುದ್ದೇಗೌಡ	86/5	0–00.12	–	0–00.12
424	1. ಚಿಕ್ಕತಾಯಮ್ಮ ಬಿನ್ ಹುಚ್ಚೀರಯ್ಯ 2. ಚಿಕ್ಕತಾಯಮ್ಮ ಬಿನ್ ಹುಚ್ಚೀರಯ್ಯ	147/6	0–00.12	–	0–00.12
		ಒಟ್ಟು	0–11.04	–	0–11.04
ಗ್ರಾಮ	ಮಗ್ಗಣಹಳ್ಳಿ	ತಾಲ್ಲೂಕು	ಕೆ.ಆರ್. ಪೇಟೆ
ಹೋಬಳಿ	ಸಂತೇಬಾಚಹಳ್ಳಿ	ಜಿಲ್ಲೆ	ಮಂಡ್ಯ
ಕ್ರಮ ಸಂಖ್ಯೆ	ಖಾತೆದಾರರ ಹೆಸರು ಹಹಾಗೂ ತಂದೆ ಶ್ರೀಯುತರು/ಶ್ರೀಮತಿ	ಸರ್ವೆ ನಂಬರ್	ಭೂಸ್ವಾಧೀನಕ್ಕೆ ಒಳಪಡುವ ವಿಸ್ತೀರ್ಣ		
			ಜಿರಾಯ್ತು ಎ-ಗುಂಟೆ	ಖರಾಬು ಎ-ಗುಂಟೆ	ಒಟ್ಟು ಎ-ಗುಂಟೆ
425	1.ರಾಮಕೃಷ್ಣ ಬಿನ್ ಬಲ್ಲೇಗೌಡ.ಕೆ.ಬಿ. 2.ರಾಮಕೃಷ್ಣೇಗೌಡ ಬಿನ್ ಬಲ್ಲೇಗೌಡ.ಕೆ.ಬಿ.	29/*	0–36.00	–	0–36.00
426	ರಾಮಕೃಷ್ಣೇಗೌಡ ಬಿನ್ ಲೇ ಬಲ್ಲೇಗೌಡ	25/2	0–00.04	–	0–00.04
427	ನಂಜಮ್ಮ ಚಲುವೇಗೌಡ, ಬೆಟ್ಟಮ್ಮ	25/4	0–10.08	–	0–10.08
Page-4
